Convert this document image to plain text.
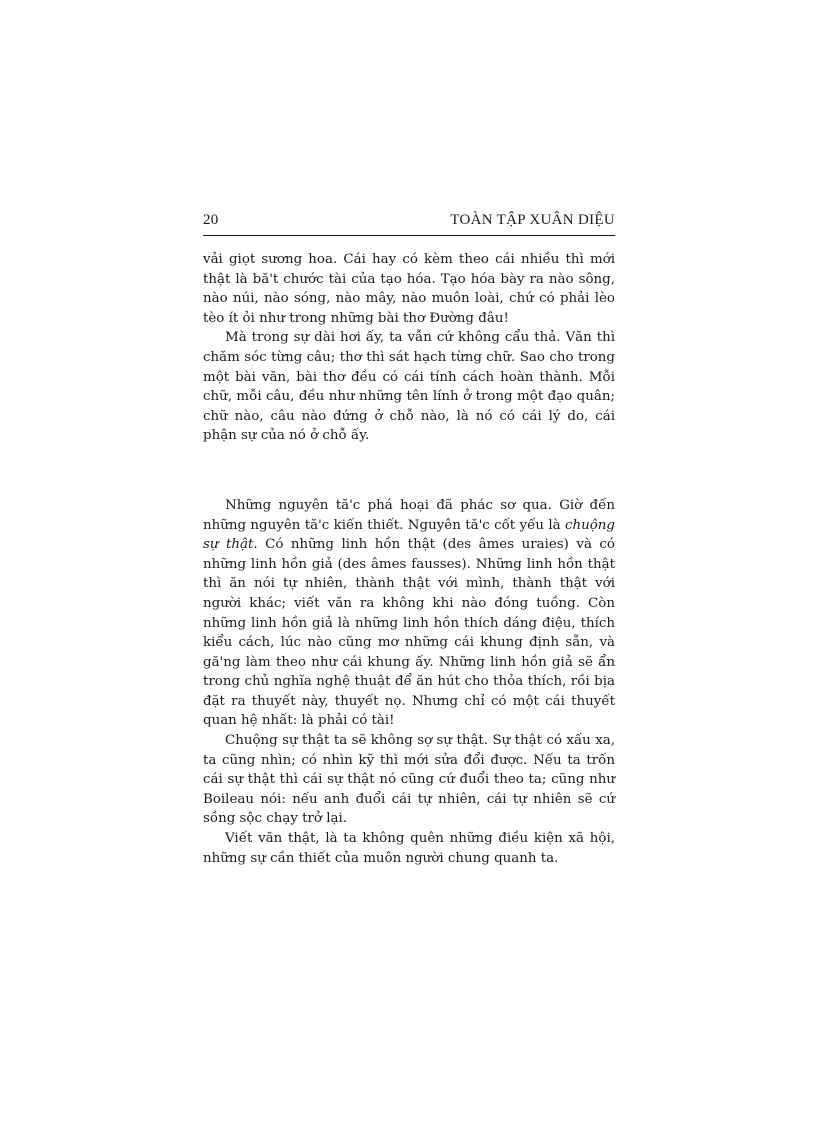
20	TOÀN TẬP XUÂN DIỆU

vải giọt sương hoa. Cái hay có kèm theo cái nhiều thì mới thật là bă't chước tài của tạo hóa. Tạo hóa bày ra nào sông, nào núi, nào sóng, nào mây, nào muôn loài, chứ có phải lèo tèo ít ỏi như trong những bài thơ Đường đâu!

Mà trong sự dài hơi ấy, ta vẫn cứ không cẩu thả. Văn thì chăm sóc từng câu; thơ thì sát hạch từng chữ. Sao cho trong một bài văn, bài thơ đều có cái tính cách hoàn thành. Mỗi chữ, mỗi câu, đều như những tên lính ở trong một đạo quân; chữ nào, câu nào đứng ở chỗ nào, là nó có cái lý do, cái phận sự của nó ở chỗ ấy.

Những nguyên tă'c phá hoại đã phác sơ qua. Giờ đến những nguyên tă'c kiến thiết. Nguyên tă'c cốt yếu là chuộng sự thật. Có những linh hồn thật (des âmes uraies) và có những linh hồn giả (des âmes fausses). Những linh hồn thật thì ăn nói tự nhiên, thành thật với mình, thành thật với người khác; viết văn ra không khi nào đóng tuồng. Còn những linh hồn giả là những linh hồn thích dáng điệu, thích kiểu cách, lúc nào cũng mơ những cái khung định sẵn, và gă'ng làm theo như cái khung ấy. Những linh hồn giả sẽ ẩn trong chủ nghĩa nghệ thuật để ăn hút cho thỏa thích, rồi bịa đặt ra thuyết này, thuyết nọ. Nhưng chỉ có một cái thuyết quan hệ nhất: là phải có tài!

Chuộng sự thật ta sẽ không sợ sự thật. Sự thật có xấu xa, ta cũng nhìn; có nhìn kỹ thì mới sửa đổi được. Nếu ta trốn cái sự thật thì cái sự thật nó cũng cứ đuổi theo ta; cũng như Boileau nói: nếu anh đuổi cái tự nhiên, cái tự nhiên sẽ cứ sồng sộc chạy trở lại.

Viết văn thật, là ta không quên những điều kiện xã hội, những sự cần thiết của muôn người chung quanh ta.
